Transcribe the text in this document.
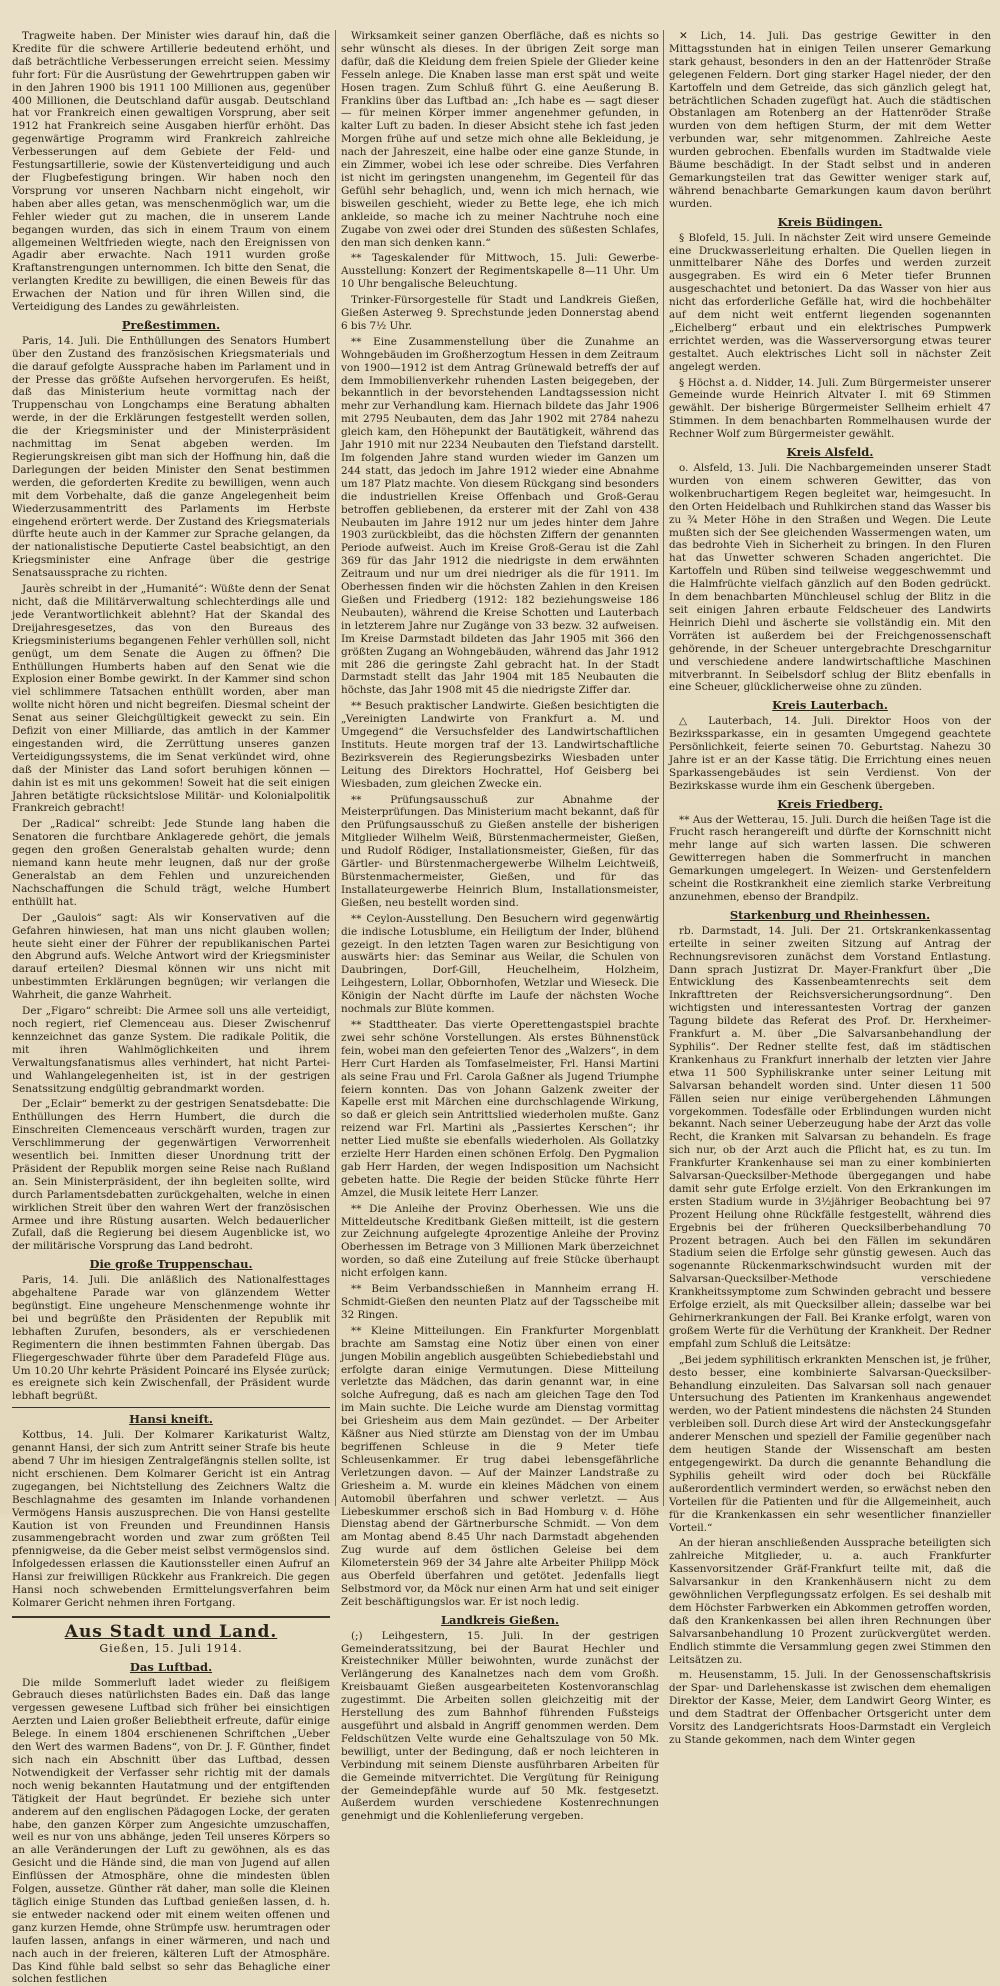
Tragweite haben. Der Minister wies darauf hin, daß die Kredite für die schwere Artillerie bedeutend erhöht, und daß beträchtliche Verbesserungen erreicht seien. Messimy fuhr fort: Für die Ausrüstung der Gewehrtruppen gaben wir in den Jahren 1900 bis 1911 100 Millionen aus, gegenüber 400 Millionen, die Deutschland dafür ausgab. Deutschland hat vor Frankreich einen gewaltigen Vorsprung, aber seit 1912 hat Frankreich seine Ausgaben hierfür erhöht. Das gegenwärtige Programm wird Frankreich zahlreiche Verbesserungen auf dem Gebiete der Feld- und Festungsartillerie, sowie der Küstenverteidigung und auch der Flugbefestigung bringen. Wir haben noch den Vorsprung vor unseren Nachbarn nicht eingeholt, wir haben aber alles getan, was menschenmöglich war, um die Fehler wieder gut zu machen, die in unserem Lande begangen wurden, das sich in einem Traum von einem allgemeinen Weltfrieden wiegte, nach den Ereignissen von Agadir aber erwachte. Nach 1911 wurden große Kraftanstrengungen unternommen. Ich bitte den Senat, die verlangten Kredite zu bewilligen, die einen Beweis für das Erwachen der Nation und für ihren Willen sind, die Verteidigung des Landes zu gewährleisten.

Preßestimmen.

Paris, 14. Juli. Die Enthüllungen des Senators Humbert über den Zustand des französischen Kriegsmaterials und die darauf gefolgte Aussprache haben im Parlament und in der Presse das größte Aufsehen hervorgerufen. Es heißt, daß das Ministerium heute vormittag nach der Truppenschau von Longchamps eine Beratung abhalten werde, in der die Erklärungen festgestellt werden sollen, die der Kriegsminister und der Ministerpräsident nachmittag im Senat abgeben werden. Im Regierungskreisen gibt man sich der Hoffnung hin, daß die Darlegungen der beiden Minister den Senat bestimmen werden, die geforderten Kredite zu bewilligen, wenn auch mit dem Vorbehalte, daß die ganze Angelegenheit beim Wiederzusammentritt des Parlaments im Herbste eingehend erörtert werde. Der Zustand des Kriegsmaterials dürfte heute auch in der Kammer zur Sprache gelangen, da der nationalistische Deputierte Castel beabsichtigt, an den Kriegsminister eine Anfrage über die gestrige Senatsaussprache zu richten.

Jaurès schreibt in der „Humanité“: Wüßte denn der Senat nicht, daß die Militärverwaltung schlechterdings alle und jede Verantwortlichkeit ablehnt? Hat der Skandal des Dreijahresgesetzes, das von den Bureaus des Kriegsministeriums begangenen Fehler verhüllen soll, nicht genügt, um dem Senate die Augen zu öffnen? Die Enthüllungen Humberts haben auf den Senat wie die Explosion einer Bombe gewirkt. In der Kammer sind schon viel schlimmere Tatsachen enthüllt worden, aber man wollte nicht hören und nicht begreifen. Diesmal scheint der Senat aus seiner Gleichgültigkeit geweckt zu sein. Ein Defizit von einer Milliarde, das amtlich in der Kammer eingestanden wird, die Zerrüttung unseres ganzen Verteidigungssystems, die im Senat verkündet wird, ohne daß der Minister das Land sofort beruhigen können — dahin ist es mit uns gekommen! Soweit hat die seit einigen Jahren betätigte rücksichtslose Militär- und Kolonialpolitik Frankreich gebracht!

Der „Radical“ schreibt: Jede Stunde lang haben die Senatoren die furchtbare Anklagerede gehört, die jemals gegen den großen Generalstab gehalten wurde; denn niemand kann heute mehr leugnen, daß nur der große Generalstab an dem Fehlen und unzureichenden Nachschaffungen die Schuld trägt, welche Humbert enthüllt hat.

Der „Gaulois“ sagt: Als wir Konservativen auf die Gefahren hinwiesen, hat man uns nicht glauben wollen; heute sieht einer der Führer der republikanischen Partei den Abgrund aufs. Welche Antwort wird der Kriegsminister darauf erteilen? Diesmal können wir uns nicht mit unbestimmten Erklärungen begnügen; wir verlangen die Wahrheit, die ganze Wahrheit.

Der „Figaro“ schreibt: Die Armee soll uns alle verteidigt, noch regiert, rief Clemenceau aus. Dieser Zwischenruf kennzeichnet das ganze System. Die radikale Politik, die mit ihren Wahlmöglichkeiten und ihrem Verwaltungsfanatismus alles verhindert, hat nicht Partei- und Wahlangelegenheiten ist, ist in der gestrigen Senatssitzung endgültig gebrandmarkt worden.

Der „Eclair“ bemerkt zu der gestrigen Senatsdebatte: Die Enthüllungen des Herrn Humbert, die durch die Einschreiten Clemenceaus verschärft wurden, tragen zur Verschlimmerung der gegenwärtigen Verworrenheit wesentlich bei. Inmitten dieser Unordnung tritt der Präsident der Republik morgen seine Reise nach Rußland an. Sein Ministerpräsident, der ihn begleiten sollte, wird durch Parlamentsdebatten zurückgehalten, welche in einen wirklichen Streit über den wahren Wert der französischen Armee und ihre Rüstung ausarten. Welch bedauerlicher Zufall, daß die Regierung bei diesem Augenblicke ist, wo der militärische Vorsprung das Land bedroht.

Die große Truppenschau.

Paris, 14. Juli. Die anläßlich des Nationalfesttages abgehaltene Parade war von glänzendem Wetter begünstigt. Eine ungeheure Menschenmenge wohnte ihr bei und begrüßte den Präsidenten der Republik mit lebhaften Zurufen, besonders, als er verschiedenen Regimentern die ihnen bestimmten Fahnen übergab. Das Fliegergeschwader führte über dem Paradefeld Flüge aus. Um 10.20 Uhr kehrte Präsident Poincaré ins Elysée zurück; es ereignete sich kein Zwischenfall, der Präsident wurde lebhaft begrüßt.

Hansi kneift.

Kottbus, 14. Juli. Der Kolmarer Karikaturist Waltz, genannt Hansi, der sich zum Antritt seiner Strafe bis heute abend 7 Uhr im hiesigen Zentralgefängnis stellen sollte, ist nicht erschienen. Dem Kolmarer Gericht ist ein Antrag zugegangen, bei Nichtstellung des Zeichners Waltz die Beschlagnahme des gesamten im Inlande vorhandenen Vermögens Hansis auszusprechen. Die von Hansi gestellte Kaution ist von Freunden und Freundinnen Hansis zusammengebracht worden und zwar zum größten Teil pfennigweise, da die Geber meist selbst vermögenslos sind. Infolgedessen erlassen die Kautionssteller einen Aufruf an Hansi zur freiwilligen Rückkehr aus Frankreich. Die gegen Hansi noch schwebenden Ermittelungsverfahren beim Kolmarer Gericht nehmen ihren Fortgang.

Aus Stadt und Land.
Gießen, 15. Juli 1914.
Das Luftbad.

Die milde Sommerluft ladet wieder zu fleißigem Gebrauch dieses natürlichsten Bades ein. Daß das lange vergessen gewesene Luftbad sich früher bei einsichtigen Aerzten und Laien großer Beliebtheit erfreute, dafür einige Belege. In einem 1804 erschienenen Schriftchen „Ueber den Wert des warmen Badens“, von Dr. J. F. Günther, findet sich nach ein Abschnitt über das Luftbad, dessen Notwendigkeit der Verfasser sehr richtig mit der damals noch wenig bekannten Hautatmung und der entgiftenden Tätigkeit der Haut begründet. Er beziehe sich unter anderem auf den englischen Pädagogen Locke, der geraten habe, den ganzen Körper zum Angesichte umzuschaffen, weil es nur von uns abhänge, jeden Teil unseres Körpers so an alle Veränderungen der Luft zu gewöhnen, als es das Gesicht und die Hände sind, die man von Jugend auf allen Einflüssen der Atmosphäre, ohne die mindesten üblen Folgen, aussetze. Günther rät daher, man solle die Kleinen täglich einige Stunden das Luftbad genießen lassen, d. h. sie entweder nackend oder mit einem weiten offenen und ganz kurzen Hemde, ohne Strümpfe usw. herumtragen oder laufen lassen, anfangs in einer wärmeren, und nach und nach auch in der freieren, kälteren Luft der Atmosphäre. Das Kind fühle bald selbst so sehr das Behagliche einer solchen festlichen

Wirksamkeit seiner ganzen Oberfläche, daß es nichts so sehr wünscht als dieses. In der übrigen Zeit sorge man dafür, daß die Kleidung dem freien Spiele der Glieder keine Fesseln anlege. Die Knaben lasse man erst spät und weite Hosen tragen. Zum Schluß führt G. eine Aeußerung B. Franklins über das Luftbad an: „Ich habe es — sagt dieser — für meinen Körper immer angenehmer gefunden, in kalter Luft zu baden. In dieser Absicht stehe ich fast jeden Morgen frühe auf und setze mich ohne alle Bekleidung, je nach der Jahreszeit, eine halbe oder eine ganze Stunde, in ein Zimmer, wobei ich lese oder schreibe. Dies Verfahren ist nicht im geringsten unangenehm, im Gegenteil für das Gefühl sehr behaglich, und, wenn ich mich hernach, wie bisweilen geschieht, wieder zu Bette lege, ehe ich mich ankleide, so mache ich zu meiner Nachtruhe noch eine Zugabe von zwei oder drei Stunden des süßesten Schlafes, den man sich denken kann.“

** Tageskalender für Mittwoch, 15. Juli: Gewerbe-Ausstellung: Konzert der Regimentskapelle 8—11 Uhr. Um 10 Uhr bengalische Beleuchtung.

Trinker-Fürsorgestelle für Stadt und Landkreis Gießen, Gießen Asterweg 9. Sprechstunde jeden Donnerstag abend 6 bis 7½ Uhr.

** Eine Zusammenstellung über die Zunahme an Wohngebäuden im Großherzogtum Hessen in dem Zeitraum von 1900—1912 ist dem Antrag Grünewald betreffs der auf dem Immobilienverkehr ruhenden Lasten beigegeben, der bekanntlich in der bevorstehenden Landtagssession nicht mehr zur Verhandlung kam. Hiernach bildete das Jahr 1906 mit 2795 Neubauten, dem das Jahr 1902 mit 2784 nahezu gleich kam, den Höhepunkt der Bautätigkeit, während das Jahr 1910 mit nur 2234 Neubauten den Tiefstand darstellt. Im folgenden Jahre stand wurden wieder im Ganzen um 244 statt, das jedoch im Jahre 1912 wieder eine Abnahme um 187 Platz machte. Von diesem Rückgang sind besonders die industriellen Kreise Offenbach und Groß-Gerau betroffen gebliebenen, da ersterer mit der Zahl von 438 Neubauten im Jahre 1912 nur um jedes hinter dem Jahre 1903 zurückbleibt, das die höchsten Ziffern der genannten Periode aufweist. Auch im Kreise Groß-Gerau ist die Zahl 369 für das Jahr 1912 die niedrigste in dem erwähnten Zeitraum und nur um drei niedriger als die für 1911. Im Oberhessen finden wir die höchsten Zahlen in den Kreisen Gießen und Friedberg (1912: 182 beziehungsweise 186 Neubauten), während die Kreise Schotten und Lauterbach in letzterem Jahre nur Zugänge von 33 bezw. 32 aufweisen. Im Kreise Darmstadt bildeten das Jahr 1905 mit 366 den größten Zugang an Wohngebäuden, während das Jahr 1912 mit 286 die geringste Zahl gebracht hat. In der Stadt Darmstadt stellt das Jahr 1904 mit 185 Neubauten die höchste, das Jahr 1908 mit 45 die niedrigste Ziffer dar.

** Besuch praktischer Landwirte. Gießen besichtigten die „Vereinigten Landwirte von Frankfurt a. M. und Umgegend“ die Versuchsfelder des Landwirtschaftlichen Instituts. Heute morgen traf der 13. Landwirtschaftliche Bezirksverein des Regierungsbezirks Wiesbaden unter Leitung des Direktors Hochrattel, Hof Geisberg bei Wiesbaden, zum gleichen Zwecke ein.

** Prüfungsausschuß zur Abnahme der Meisterprüfungen. Das Ministerium macht bekannt, daß für den Prüfungsausschuß zu Gießen anstelle der bisherigen Mitglieder Wilhelm Weiß, Bürstenmachermeister, Gießen, und Rudolf Rödiger, Installationsmeister, Gießen, für das Gärtler- und Bürstenmachergewerbe Wilhelm Leichtweiß, Bürstenmachermeister, Gießen, und für das Installateurgewerbe Heinrich Blum, Installationsmeister, Gießen, neu bestellt worden sind.

** Ceylon-Ausstellung. Den Besuchern wird gegenwärtig die indische Lotusblume, ein Heiligtum der Inder, blühend gezeigt. In den letzten Tagen waren zur Besichtigung von auswärts hier: das Seminar aus Weilar, die Schulen von Daubringen, Dorf-Gill, Heuchelheim, Holzheim, Leihgestern, Lollar, Obbornhofen, Wetzlar und Wieseck. Die Königin der Nacht dürfte im Laufe der nächsten Woche nochmals zur Blüte kommen.

** Stadttheater. Das vierte Operettengastspiel brachte zwei sehr schöne Vorstellungen. Als erstes Bühnenstück fein, wobei man den gefeierten Tenor des „Walzers“, in dem Herr Curt Harden als Tomfaselmeister, Frl. Hansi Martini als seine Frau und Frl. Carola Gaßner als Jugend Triumphe feiern konnten. Das von Johann Galzenk zweiter der Kapelle erst mit Märchen eine durchschlagende Wirkung, so daß er gleich sein Antrittslied wiederholen mußte. Ganz reizend war Frl. Martini als „Passiertes Kerschen“; ihr netter Lied mußte sie ebenfalls wiederholen. Als Gollatzky erzielte Herr Harden einen schönen Erfolg. Den Pygmalion gab Herr Harden, der wegen Indisposition um Nachsicht gebeten hatte. Die Regie der beiden Stücke führte Herr Amzel, die Musik leitete Herr Lanzer.

** Die Anleihe der Provinz Oberhessen. Wie uns die Mitteldeutsche Kreditbank Gießen mitteilt, ist die gestern zur Zeichnung aufgelegte 4prozentige Anleihe der Provinz Oberhessen im Betrage von 3 Millionen Mark überzeichnet worden, so daß eine Zuteilung auf freie Stücke überhaupt nicht erfolgen kann.

** Beim Verbandsschießen in Mannheim errang H. Schmidt-Gießen den neunten Platz auf der Tagsscheibe mit 32 Ringen.

** Kleine Mitteilungen. Ein Frankfurter Morgenblatt brachte am Samstag eine Notiz über einen von einer jungen Mobilin angeblich ausgeübten Schiebediebstahl und erfolgte daran einige Vermutungen. Diese Mitteilung verletzte das Mädchen, das darin genannt war, in eine solche Aufregung, daß es nach am gleichen Tage den Tod im Main suchte. Die Leiche wurde am Dienstag vormittag bei Griesheim aus dem Main gezündet. — Der Arbeiter Käßner aus Nied stürzte am Dienstag von der im Umbau begriffenen Schleuse in die 9 Meter tiefe Schleusenkammer. Er trug dabei lebensgefährliche Verletzungen davon. — Auf der Mainzer Landstraße zu Griesheim a. M. wurde ein kleines Mädchen von einem Automobil überfahren und schwer verletzt. — Aus Liebeskummer erschoß sich in Bad Homburg v. d. Höhe Dienstag abend der Gärtnerbursche Schmidt. — Von dem am Montag abend 8.45 Uhr nach Darmstadt abgehenden Zug wurde auf dem östlichen Geleise bei dem Kilometerstein 969 der 34 Jahre alte Arbeiter Philipp Möck aus Oberfeld überfahren und getötet. Jedenfalls liegt Selbstmord vor, da Möck nur einen Arm hat und seit einiger Zeit beschäftigungslos war. Er ist noch ledig.

Landkreis Gießen.

(;) Leihgestern, 15. Juli. In der gestrigen Gemeinderatssitzung, bei der Baurat Hechler und Kreistechniker Müller beiwohnten, wurde zunächst der Verlängerung des Kanalnetzes nach dem vom Großh. Kreisbauamt Gießen ausgearbeiteten Kostenvoranschlag zugestimmt. Die Arbeiten sollen gleichzeitig mit der Herstellung des zum Bahnhof führenden Fußsteigs ausgeführt und alsbald in Angriff genommen werden. Dem Feldschützen Velte wurde eine Gehaltszulage von 50 Mk. bewilligt, unter der Bedingung, daß er noch leichteren in Verbindung mit seinem Dienste ausführbaren Arbeiten für die Gemeinde mitverrichtet. Die Vergütung für Reinigung der Gemeindepfähle wurde auf 50 Mk. festgesetzt. Außerdem wurden verschiedene Kostenrechnungen genehmigt und die Kohlenlieferung vergeben.

✕ Lich, 14. Juli. Das gestrige Gewitter in den Mittagsstunden hat in einigen Teilen unserer Gemarkung stark gehaust, besonders in den an der Hattenröder Straße gelegenen Feldern. Dort ging starker Hagel nieder, der den Kartoffeln und dem Getreide, das sich gänzlich gelegt hat, beträchtlichen Schaden zugefügt hat. Auch die städtischen Obstanlagen am Rotenberg an der Hattenröder Straße wurden von dem heftigen Sturm, der mit dem Wetter verbunden war, sehr mitgenommen. Zahlreiche Aeste wurden gebrochen. Ebenfalls wurden im Stadtwalde viele Bäume beschädigt. In der Stadt selbst und in anderen Gemarkungsteilen trat das Gewitter weniger stark auf, während benachbarte Gemarkungen kaum davon berührt wurden.

Kreis Büdingen.

§ Blofeld, 15. Juli. In nächster Zeit wird unsere Gemeinde eine Druckwasserleitung erhalten. Die Quellen liegen in unmittelbarer Nähe des Dorfes und werden zurzeit ausgegraben. Es wird ein 6 Meter tiefer Brunnen ausgeschachtet und betoniert. Da das Wasser von hier aus nicht das erforderliche Gefälle hat, wird die hochbehälter auf dem nicht weit entfernt liegenden sogenannten „Eichelberg“ erbaut und ein elektrisches Pumpwerk errichtet werden, was die Wasserversorgung etwas teurer gestaltet. Auch elektrisches Licht soll in nächster Zeit angelegt werden.

§ Höchst a. d. Nidder, 14. Juli. Zum Bürgermeister unserer Gemeinde wurde Heinrich Altvater I. mit 69 Stimmen gewählt. Der bisherige Bürgermeister Sellheim erhielt 47 Stimmen. In dem benachbarten Rommelhausen wurde der Rechner Wolf zum Bürgermeister gewählt.

Kreis Alsfeld.

o. Alsfeld, 13. Juli. Die Nachbargemeinden unserer Stadt wurden von einem schweren Gewitter, das von wolkenbruchartigem Regen begleitet war, heimgesucht. In den Orten Heidelbach und Ruhlkirchen stand das Wasser bis zu ¾ Meter Höhe in den Straßen und Wegen. Die Leute mußten sich der See gleichenden Wassermengen waten, um das bedrohte Vieh in Sicherheit zu bringen. In den Fluren hat das Unwetter schweren Schaden angerichtet. Die Kartoffeln und Rüben sind teilweise weggeschwemmt und die Halmfrüchte vielfach gänzlich auf den Boden gedrückt. In dem benachbarten Münchleusel schlug der Blitz in die seit einigen Jahren erbaute Feldscheuer des Landwirts Heinrich Diehl und äscherte sie vollständig ein. Mit den Vorräten ist außerdem bei der Freichgenossenschaft gehörende, in der Scheuer untergebrachte Dreschgarnitur und verschiedene andere landwirtschaftliche Maschinen mitverbrannt. In Seibelsdorf schlug der Blitz ebenfalls in eine Scheuer, glücklicherweise ohne zu zünden.

Kreis Lauterbach.

△ Lauterbach, 14. Juli. Direktor Hoos von der Bezirkssparkasse, ein in gesamten Umgegend geachtete Persönlichkeit, feierte seinen 70. Geburtstag. Nahezu 30 Jahre ist er an der Kasse tätig. Die Errichtung eines neuen Sparkassengebäudes ist sein Verdienst. Von der Bezirkskasse wurde ihm ein Geschenk übergeben.

Kreis Friedberg.

** Aus der Wetterau, 15. Juli. Durch die heißen Tage ist die Frucht rasch herangereift und dürfte der Kornschnitt nicht mehr lange auf sich warten lassen. Die schweren Gewitterregen haben die Sommerfrucht in manchen Gemarkungen umgelegert. In Weizen- und Gerstenfeldern scheint die Rostkrankheit eine ziemlich starke Verbreitung anzunehmen, ebenso der Brandpilz.

Starkenburg und Rheinhessen.

rb. Darmstadt, 14. Juli. Der 21. Ortskrankenkassentag erteilte in seiner zweiten Sitzung auf Antrag der Rechnungsrevisoren zunächst dem Vorstand Entlastung. Dann sprach Justizrat Dr. Mayer-Frankfurt über „Die Entwicklung des Kassenbeamtenrechts seit dem Inkrafttreten der Reichsversicherungsordnung“. Den wichtigsten und interessantesten Vortrag der ganzen Tagung bildete das Referat des Prof. Dr. Herxheimer-Frankfurt a. M. über „Die Salvarsanbehandlung der Syphilis“. Der Redner stellte fest, daß im städtischen Krankenhaus zu Frankfurt innerhalb der letzten vier Jahre etwa 11 500 Syphiliskranke unter seiner Leitung mit Salvarsan behandelt worden sind. Unter diesen 11 500 Fällen seien nur einige verübergehenden Lähmungen vorgekommen. Todesfälle oder Erblindungen wurden nicht bekannt. Nach seiner Ueberzeugung habe der Arzt das volle Recht, die Kranken mit Salvarsan zu behandeln. Es frage sich nur, ob der Arzt auch die Pflicht hat, es zu tun. Im Frankfurter Krankenhause sei man zu einer kombinierten Salvarsan-Quecksilber-Methode übergegangen und habe damit sehr gute Erfolge erzielt. Von den Erkrankungen im ersten Stadium wurde in 3½jähriger Beobachtung bei 97 Prozent Heilung ohne Rückfälle festgestellt, während dies Ergebnis bei der früheren Quecksilberbehandlung 70 Prozent betragen. Auch bei den Fällen im sekundären Stadium seien die Erfolge sehr günstig gewesen. Auch das sogenannte Rückenmarkschwindsucht wurden mit der Salvarsan-Quecksilber-Methode verschiedene Krankheitssymptome zum Schwinden gebracht und bessere Erfolge erzielt, als mit Quecksilber allein; dasselbe war bei Gehirnerkrankungen der Fall. Bei Kranke erfolgt, waren von großem Werte für die Verhütung der Krankheit. Der Redner empfahl zum Schluß die Leitsätze:

„Bei jedem syphilitisch erkrankten Menschen ist, je früher, desto besser, eine kombinierte Salvarsan-Quecksilber-Behandlung einzuleiten. Das Salvarsan soll nach genauer Untersuchung des Patienten im Krankenhaus angewendet werden, wo der Patient mindestens die nächsten 24 Stunden verbleiben soll. Durch diese Art wird der Ansteckungsgefahr anderer Menschen und speziell der Familie gegenüber nach dem heutigen Stande der Wissenschaft am besten entgegengewirkt. Da durch die genannte Behandlung die Syphilis geheilt wird oder doch bei Rückfälle außerordentlich vermindert werden, so erwächst neben den Vorteilen für die Patienten und für die Allgemeinheit, auch für die Krankenkassen ein sehr wesentlicher finanzieller Vorteil.“

An der hieran anschließenden Aussprache beteiligten sich zahlreiche Mitglieder, u. a. auch Frankfurter Kassenvorsitzender Gräf-Frankfurt teilte mit, daß die Salvarsankur in den Krankenhäusern nicht zu dem gewöhnlichen Verpflegungssatz erfolgen. Es sei deshalb mit dem Höchster Farbwerken ein Abkommen getroffen worden, daß den Krankenkassen bei allen ihren Rechnungen über Salvarsanbehandlung 10 Prozent zurückvergütet werden. Endlich stimmte die Versammlung gegen zwei Stimmen den Leitsätzen zu.

m. Heusenstamm, 15. Juli. In der Genossenschaftskrisis der Spar- und Darlehenskasse ist zwischen dem ehemaligen Direktor der Kasse, Meier, dem Landwirt Georg Winter, es und dem Stadtrat der Offenbacher Ortsgericht unter dem Vorsitz des Landgerichtsrats Hoos-Darmstadt ein Vergleich zu Stande gekommen, nach dem Winter gegen
